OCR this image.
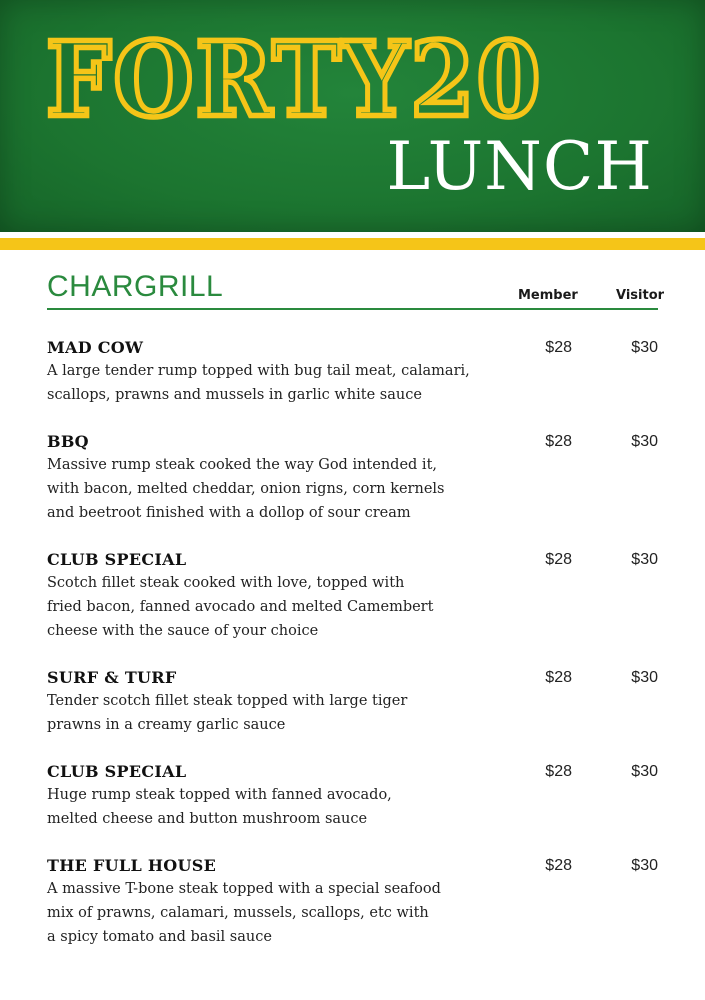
FORTY20
LUNCH
CHARGRILL	Member	Visitor
MAD COW
A large tender rump topped with bug tail meat, calamari,
scallops, prawns and mussels in garlic white sauce
$28	$30
BBQ
Massive rump steak cooked the way God intended it,
with bacon, melted cheddar, onion rigns, corn kernels
and beetroot finished with a dollop of sour cream
$28	$30
CLUB SPECIAL
Scotch fillet steak cooked with love, topped with
fried bacon, fanned avocado and melted Camembert
cheese with the sauce of your choice
$28	$30
SURF & TURF
Tender scotch fillet steak topped with large tiger
prawns in a creamy garlic sauce
$28	$30
CLUB SPECIAL
Huge rump steak topped with fanned avocado,
melted cheese and button mushroom sauce
$28	$30
THE FULL HOUSE
A massive T-bone steak topped with a special seafood
mix of prawns, calamari, mussels, scallops, etc with
a spicy tomato and basil sauce
$28	$30
